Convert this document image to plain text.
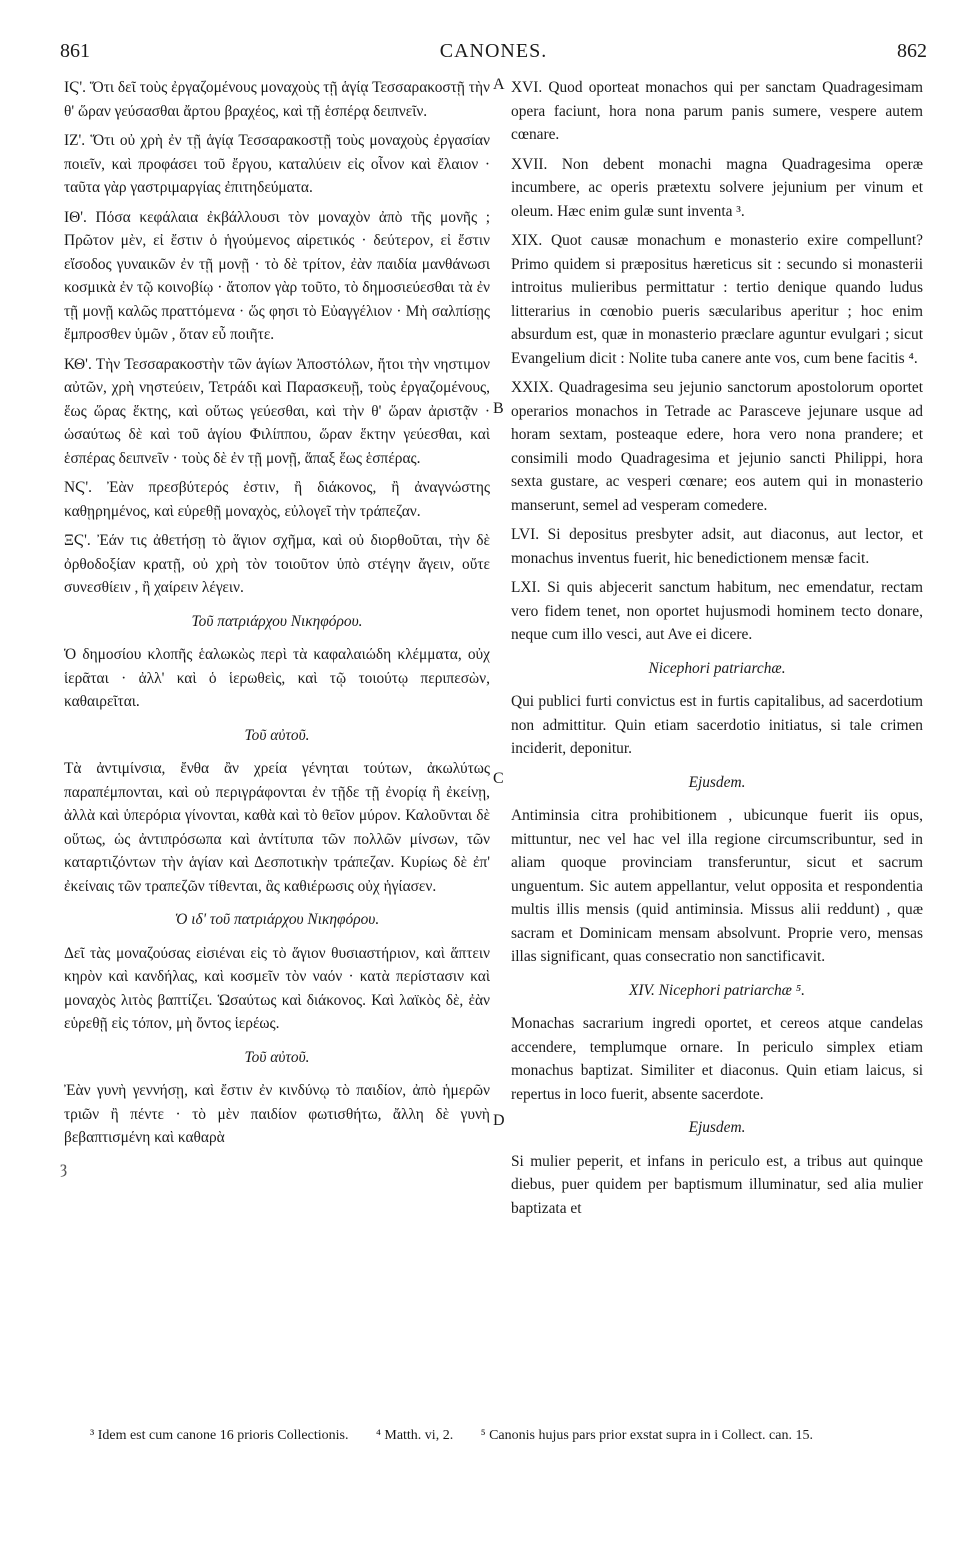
861	CANONES.	862
A
B
C
D
ȝ

ΙϚ'. Ὅτι δεῖ τοὺς ἐργαζομένους μοναχοὺς τῇ ἁγίᾳ Τεσσαρακοστῇ τὴν θ' ὥραν γεύσασθαι ἄρτου βραχέος, καὶ τῇ ἑσπέρᾳ δειπνεῖν.

ΙΖ'. Ὅτι οὐ χρὴ ἐν τῇ ἁγίᾳ Τεσσαρακοστῇ τοὺς μοναχοὺς ἐργασίαν ποιεῖν, καὶ προφάσει τοῦ ἔργου, καταλύειν εἰς οἶνον καὶ ἔλαιον · ταῦτα γὰρ γαστριμαργίας ἐπιτηδεύματα.

ΙΘ'. Πόσα κεφάλαια ἐκβάλλουσι τὸν μοναχὸν ἀπὸ τῆς μονῆς ; Πρῶτον μὲν, εἰ ἔστιν ὁ ἡγούμενος αἱρετικός · δεύτερον, εἰ ἔστιν εἴσοδος γυναικῶν ἐν τῇ μονῇ · τὸ δὲ τρίτον, ἐὰν παιδία μανθάνωσι κοσμικὰ ἐν τῷ κοινοβίῳ · ἄτοπον γὰρ τοῦτο, τὸ δημοσιεύεσθαι τὰ ἐν τῇ μονῇ καλῶς πραττόμενα · ὥς φησι τὸ Εὐαγγέλιον · Μὴ σαλπίσῃς ἔμπροσθεν ὑμῶν , ὅταν εὖ ποιῆτε.

ΚΘ'. Τὴν Τεσσαρακοστὴν τῶν ἁγίων Ἀποστόλων, ἤτοι τὴν νηστιμον αὐτῶν, χρὴ νηστεύειν, Τετράδι καὶ Παρασκευῇ, τοὺς ἐργαζομένους, ἕως ὥρας ἕκτης, καὶ οὕτως γεύεσθαι, καὶ τὴν θ' ὥραν ἀριστᾷν · ὡσαύτως δὲ καὶ τοῦ ἁγίου Φιλίππου, ὥραν ἕκτην γεύεσθαι, καὶ ἑσπέρας δειπνεῖν · τοὺς δὲ ἐν τῇ μονῇ, ἅπαξ ἕως ἑσπέρας.

ΝϚ'. Ἐὰν πρεσβύτερός ἐστιν, ἢ διάκονος, ἢ ἀναγνώστης καθῃρημένος, καὶ εὑρεθῇ μοναχὸς, εὐλογεῖ τὴν τράπεζαν.

ΞϚ'. Ἐάν τις ἀθετήσῃ τὸ ἅγιον σχῆμα, καὶ οὐ διορθοῦται, τὴν δὲ ὀρθοδοξίαν κρατῇ, οὐ χρὴ τὸν τοιοῦτον ὑπὸ στέγην ἄγειν, οὔτε συνεσθίειν , ἢ χαίρειν λέγειν.

Τοῦ πατριάρχου Νικηφόρου.

Ὁ δημοσίου κλοπῆς ἑαλωκὼς περὶ τὰ καφαλαιώδη κλέμματα, οὐχ ἱερᾶται · ἀλλ' καὶ ὁ ἱερωθεὶς, καὶ τῷ τοιούτῳ περιπεσὼν, καθαιρεῖται.

Τοῦ αὐτοῦ.

Τὰ ἀντιμίνσια, ἔνθα ἂν χρεία γένηται τούτων, ἀκωλύτως παραπέμπονται, καὶ οὐ περιγράφονται ἐν τῇδε τῇ ἐνορίᾳ ἢ ἐκείνῃ, ἀλλὰ καὶ ὑπερόρια γίνονται, καθὰ καὶ τὸ θεῖον μύρον. Καλοῦνται δὲ οὕτως, ὡς ἀντιπρόσωπα καὶ ἀντίτυπα τῶν πολλῶν μίνσων, τῶν καταρτιζόντων τὴν ἁγίαν καὶ Δεσποτικὴν τράπεζαν. Κυρίως δὲ ἐπ' ἐκείναις τῶν τραπεζῶν τίθενται, ἃς καθιέρωσις οὐχ ἡγίασεν.

Ὁ ιδ' τοῦ πατριάρχου Νικηφόρου.

Δεῖ τὰς μοναζούσας εἰσιέναι εἰς τὸ ἅγιον θυσιαστήριον, καὶ ἅπτειν κηρὸν καὶ κανδήλας, καὶ κοσμεῖν τὸν ναόν · κατὰ περίστασιν καὶ μοναχὸς λιτὸς βαπτίζει. Ὡσαύτως καὶ διάκονος. Καὶ λαϊκὸς δὲ, ἐὰν εὑρεθῇ εἰς τόπον, μὴ ὄντος ἱερέως.

Τοῦ αὐτοῦ.

Ἐὰν γυνὴ γεννήσῃ, καὶ ἔστιν ἐν κινδύνῳ τὸ παιδίον, ἀπὸ ἡμερῶν τριῶν ἢ πέντε · τὸ μὲν παιδίον φωτισθήτω, ἄλλη δὲ γυνὴ βεβαπτισμένη καὶ καθαρὰ

XVI. Quod oporteat monachos qui per sanctam Quadragesimam opera faciunt, hora nona parum panis sumere, vespere autem cœnare.

XVII. Non debent monachi magna Quadragesima operæ incumbere, ac operis prætextu solvere jejunium per vinum et oleum. Hæc enim gulæ sunt inventa ³.

XIX. Quot causæ monachum e monasterio exire compellunt? Primo quidem si præpositus hæreticus sit : secundo si monasterii introitus mulieribus permittatur : tertio denique quando ludus litterarius in cœnobio pueris sæcularibus aperitur ; hoc enim absurdum est, quæ in monasterio præclare aguntur evulgari ; sicut Evangelium dicit : Nolite tuba canere ante vos, cum bene facitis ⁴.

XXIX. Quadragesima seu jejunio sanctorum apostolorum oportet operarios monachos in Tetrade ac Parasceve jejunare usque ad horam sextam, posteaque edere, hora vero nona prandere; et consimili modo Quadragesima et jejunio sancti Philippi, hora sexta gustare, ac vesperi cœnare; eos autem qui in monasterio manserunt, semel ad vesperam comedere.

LVI. Si depositus presbyter adsit, aut diaconus, aut lector, et monachus inventus fuerit, hic benedictionem mensæ facit.

LXI. Si quis abjecerit sanctum habitum, nec emendatur, rectam vero fidem tenet, non oportet hujusmodi hominem tecto donare, neque cum illo vesci, aut Ave ei dicere.

Nicephori patriarchæ.

Qui publici furti convictus est in furtis capitalibus, ad sacerdotium non admittitur. Quin etiam sacerdotio initiatus, si tale crimen inciderit, deponitur.

Ejusdem.

Antiminsia citra prohibitionem , ubicunque fuerit iis opus, mittuntur, nec vel hac vel illa regione circumscribuntur, sed in aliam quoque provinciam transferuntur, sicut et sacrum unguentum. Sic autem appellantur, velut opposita et respondentia multis illis mensis (quid antiminsia. Missus alii reddunt) , quæ sacram et Dominicam mensam absolvunt. Proprie vero, mensas illas significant, quas consecratio non sanctificavit.

XIV. Nicephori patriarchæ ⁵.

Monachas sacrarium ingredi oportet, et cereos atque candelas accendere, templumque ornare. In periculo simplex etiam monachus baptizat. Similiter et diaconus. Quin etiam laicus, si repertus in loco fuerit, absente sacerdote.

Ejusdem.

Si mulier peperit, et infans in periculo est, a tribus aut quinque diebus, puer quidem per baptismum illuminatur, sed alia mulier baptizata et

³ Idem est cum canone 16 prioris Collectionis. ⁴ Matth. vi, 2. ⁵ Canonis hujus pars prior exstat supra in i Collect. can. 15.
